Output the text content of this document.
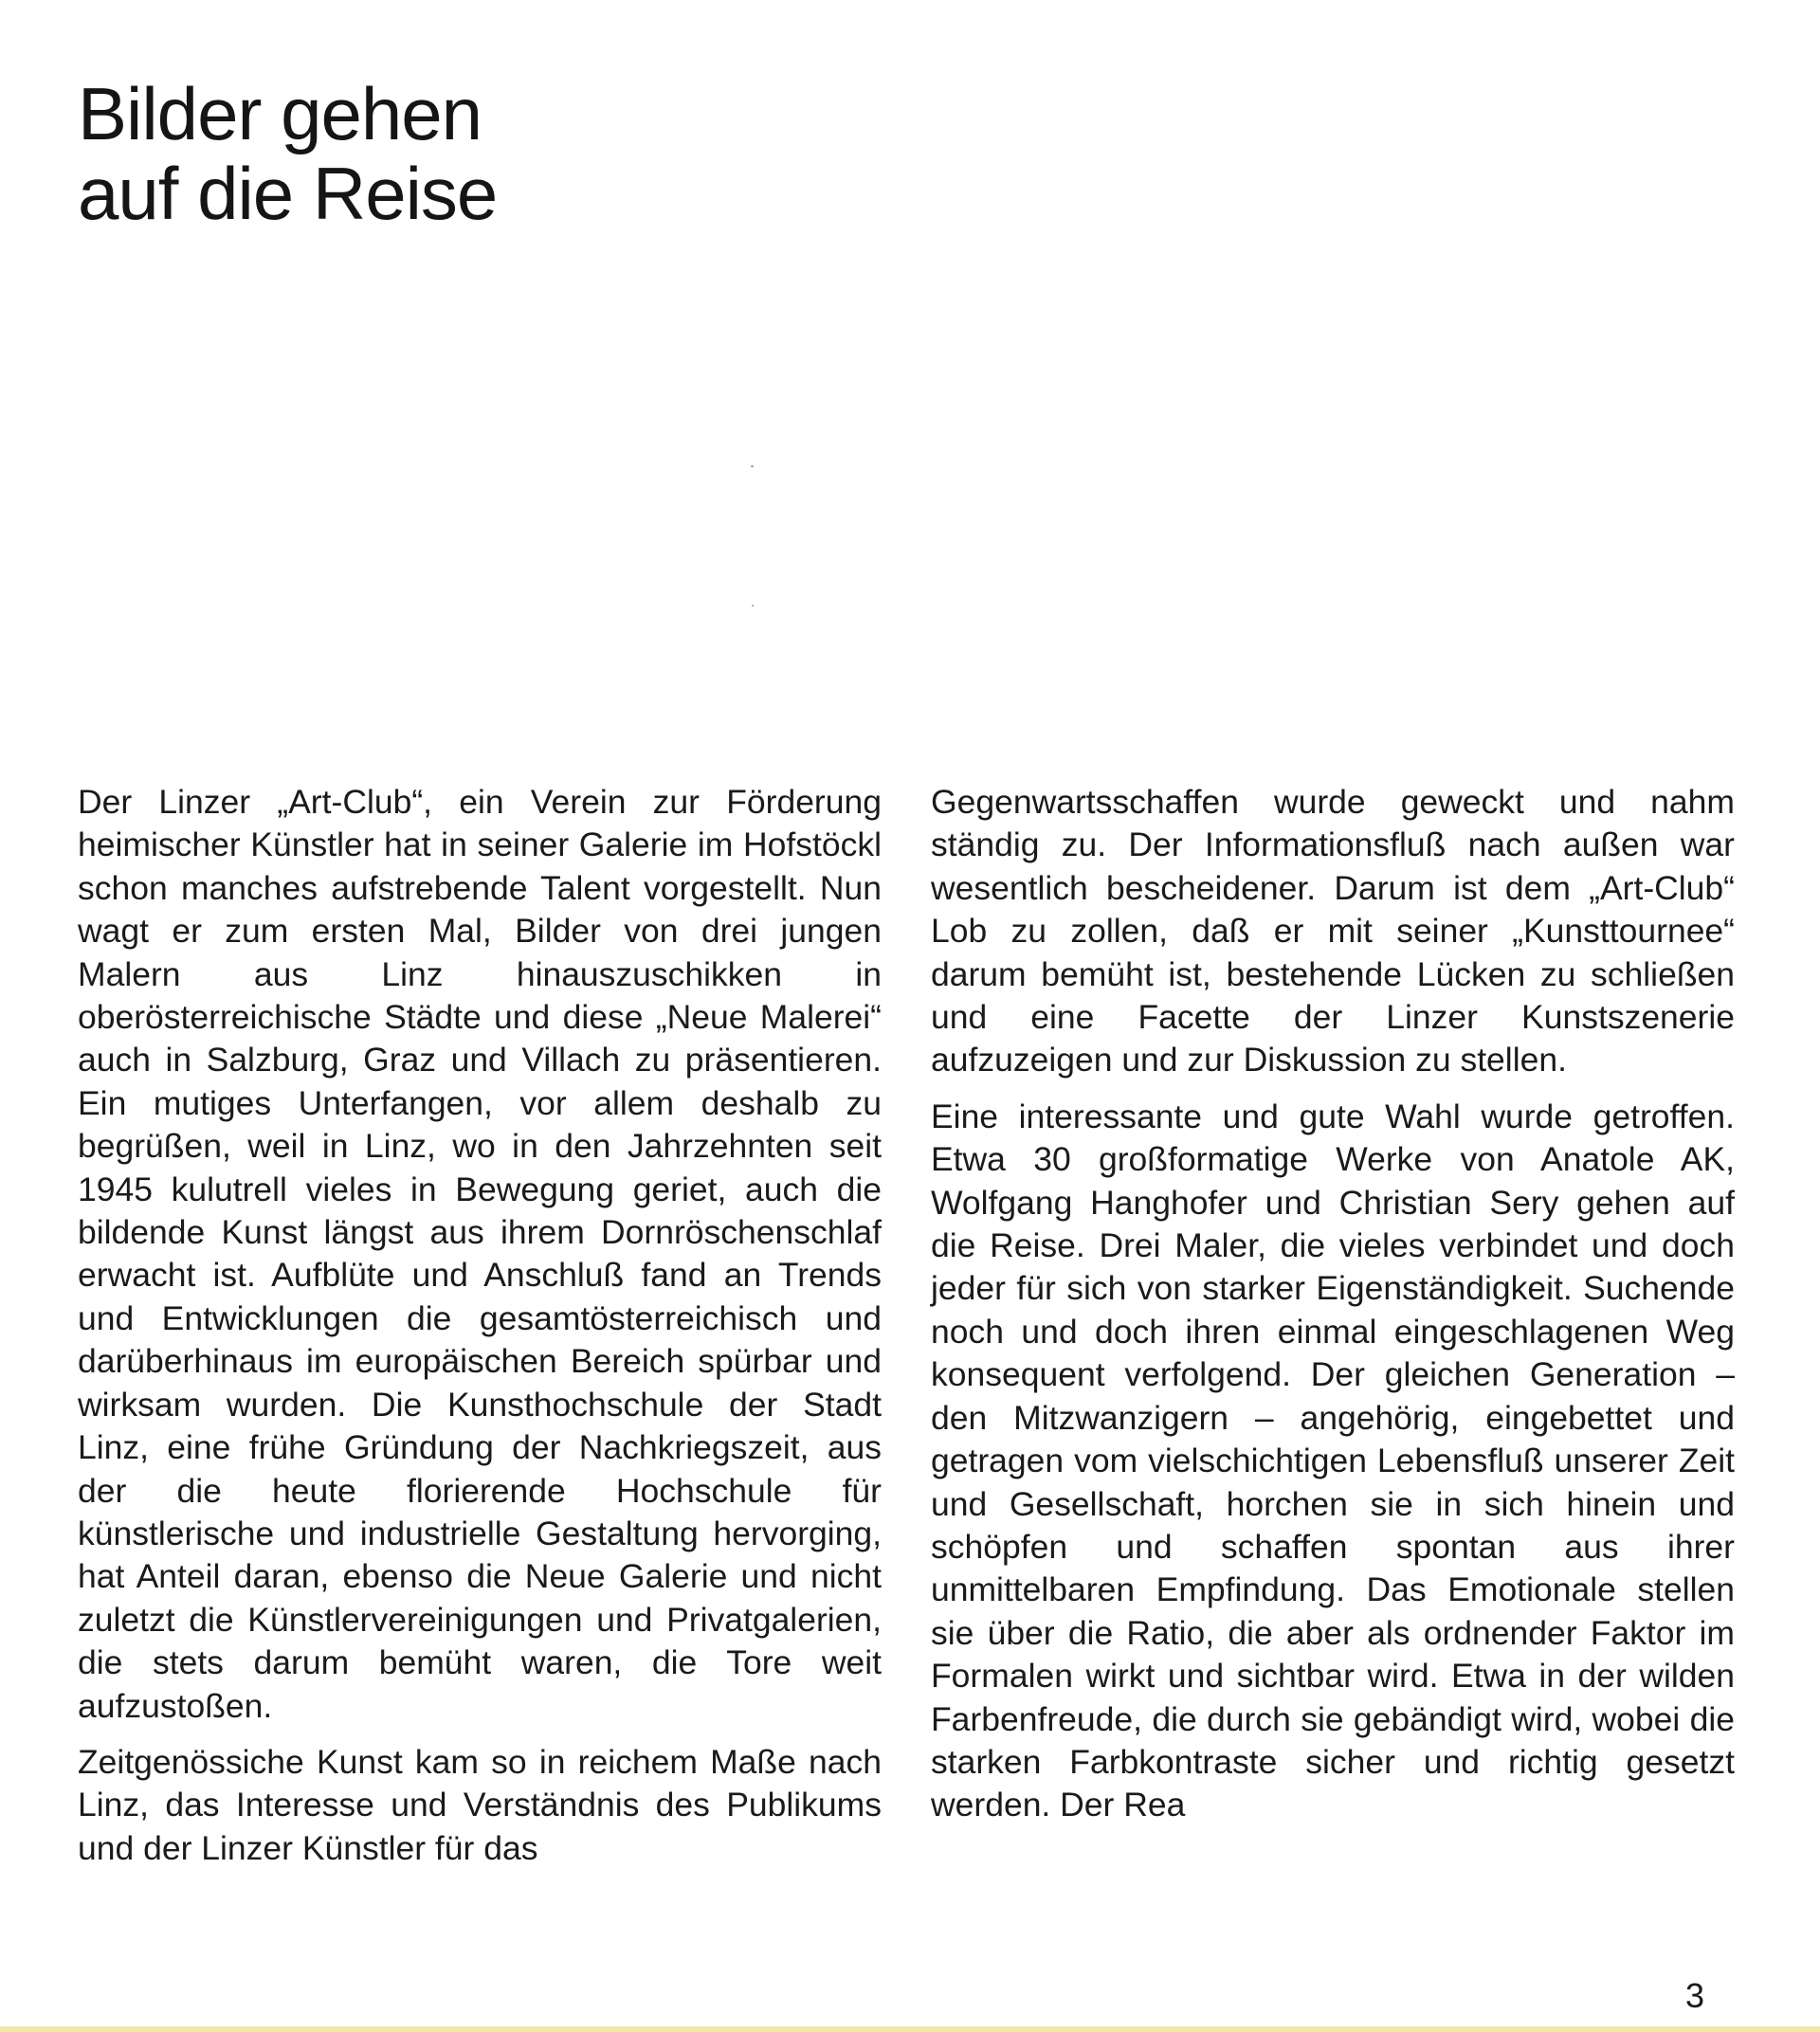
Bilder gehen
auf die Reise

Der Linzer „Art-Club“, ein Verein zur Förderung heimischer Künstler hat in seiner Galerie im Hofstöckl schon manches aufstrebende Talent vorgestellt. Nun wagt er zum ersten Mal, Bilder von drei jungen Malern aus Linz hinauszuschikken in oberösterreichische Städte und diese „Neue Malerei“ auch in Salzburg, Graz und Villach zu präsentieren. Ein mutiges Unterfangen, vor allem deshalb zu begrüßen, weil in Linz, wo in den Jahrzehnten seit 1945 kulutrell vieles in Bewegung geriet, auch die bildende Kunst längst aus ihrem Dornröschenschlaf erwacht ist. Aufblüte und Anschluß fand an Trends und Entwicklungen die gesamtösterreichisch und darüberhinaus im europäischen Bereich spürbar und wirksam wurden. Die Kunsthochschule der Stadt Linz, eine frühe Gründung der Nachkriegszeit, aus der die heute florierende Hochschule für künstlerische und industrielle Gestaltung hervorging, hat Anteil daran, ebenso die Neue Galerie und nicht zuletzt die Künstlervereinigungen und Privatgalerien, die stets darum bemüht waren, die Tore weit aufzustoßen.

Zeitgenössiche Kunst kam so in reichem Maße nach Linz, das Interesse und Verständnis des Publikums und der Linzer Künstler für das

Gegenwartsschaffen wurde geweckt und nahm ständig zu. Der Informationsfluß nach außen war wesentlich bescheidener. Darum ist dem „Art-Club“ Lob zu zollen, daß er mit seiner „Kunsttournee“ darum bemüht ist, bestehende Lücken zu schließen und eine Facette der Linzer Kunstszenerie aufzuzeigen und zur Diskussion zu stellen.

Eine interessante und gute Wahl wurde getroffen. Etwa 30 großformatige Werke von Anatole AK, Wolfgang Hanghofer und Christian Sery gehen auf die Reise. Drei Maler, die vieles verbindet und doch jeder für sich von starker Eigenständigkeit. Suchende noch und doch ihren einmal eingeschlagenen Weg konsequent verfolgend. Der gleichen Generation – den Mitzwanzigern – angehörig, eingebettet und getragen vom vielschichtigen Lebensfluß unserer Zeit und Gesellschaft, horchen sie in sich hinein und schöpfen und schaffen spontan aus ihrer unmittelbaren Empfindung. Das Emotionale stellen sie über die Ratio, die aber als ordnender Faktor im Formalen wirkt und sichtbar wird. Etwa in der wilden Farbenfreude, die durch sie gebändigt wird, wobei die starken Farbkontraste sicher und richtig gesetzt werden. Der Rea

3
